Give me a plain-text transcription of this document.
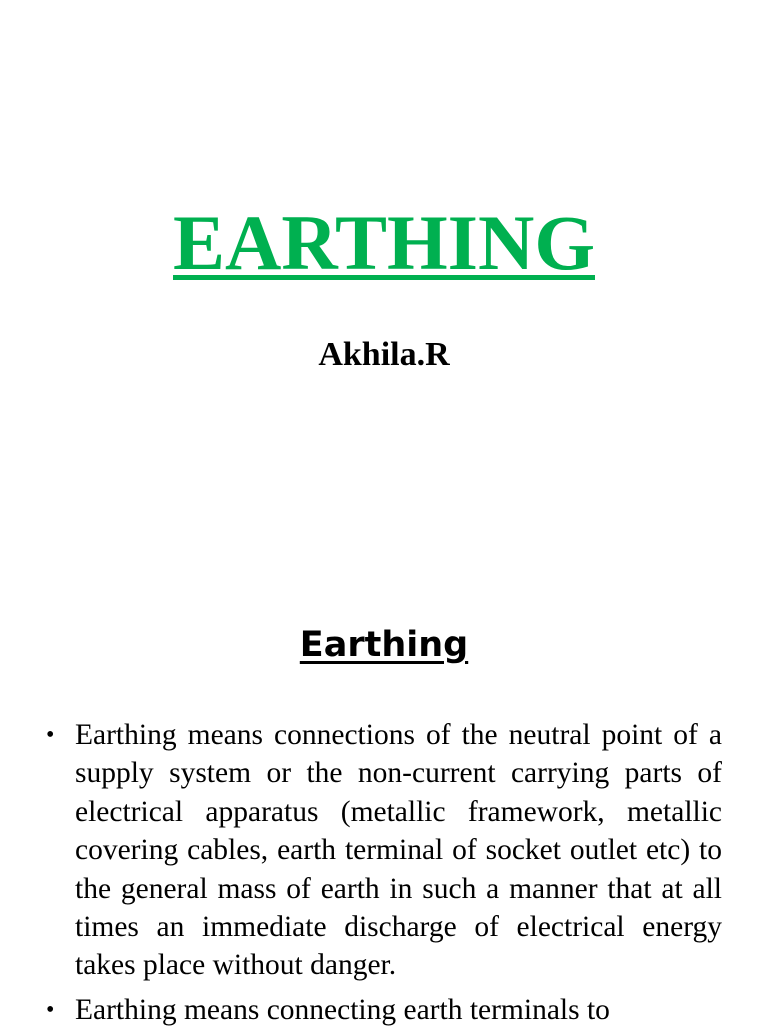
EARTHING
Akhila.R
Earthing
• Earthing means connections of the neutral point of a supply system or the non-current carrying parts of electrical apparatus (metallic framework, metallic covering cables, earth terminal of socket outlet etc) to the general mass of earth in such a manner that at all times an immediate discharge of electrical energy takes place without danger.
• Earthing means connecting earth terminals to
